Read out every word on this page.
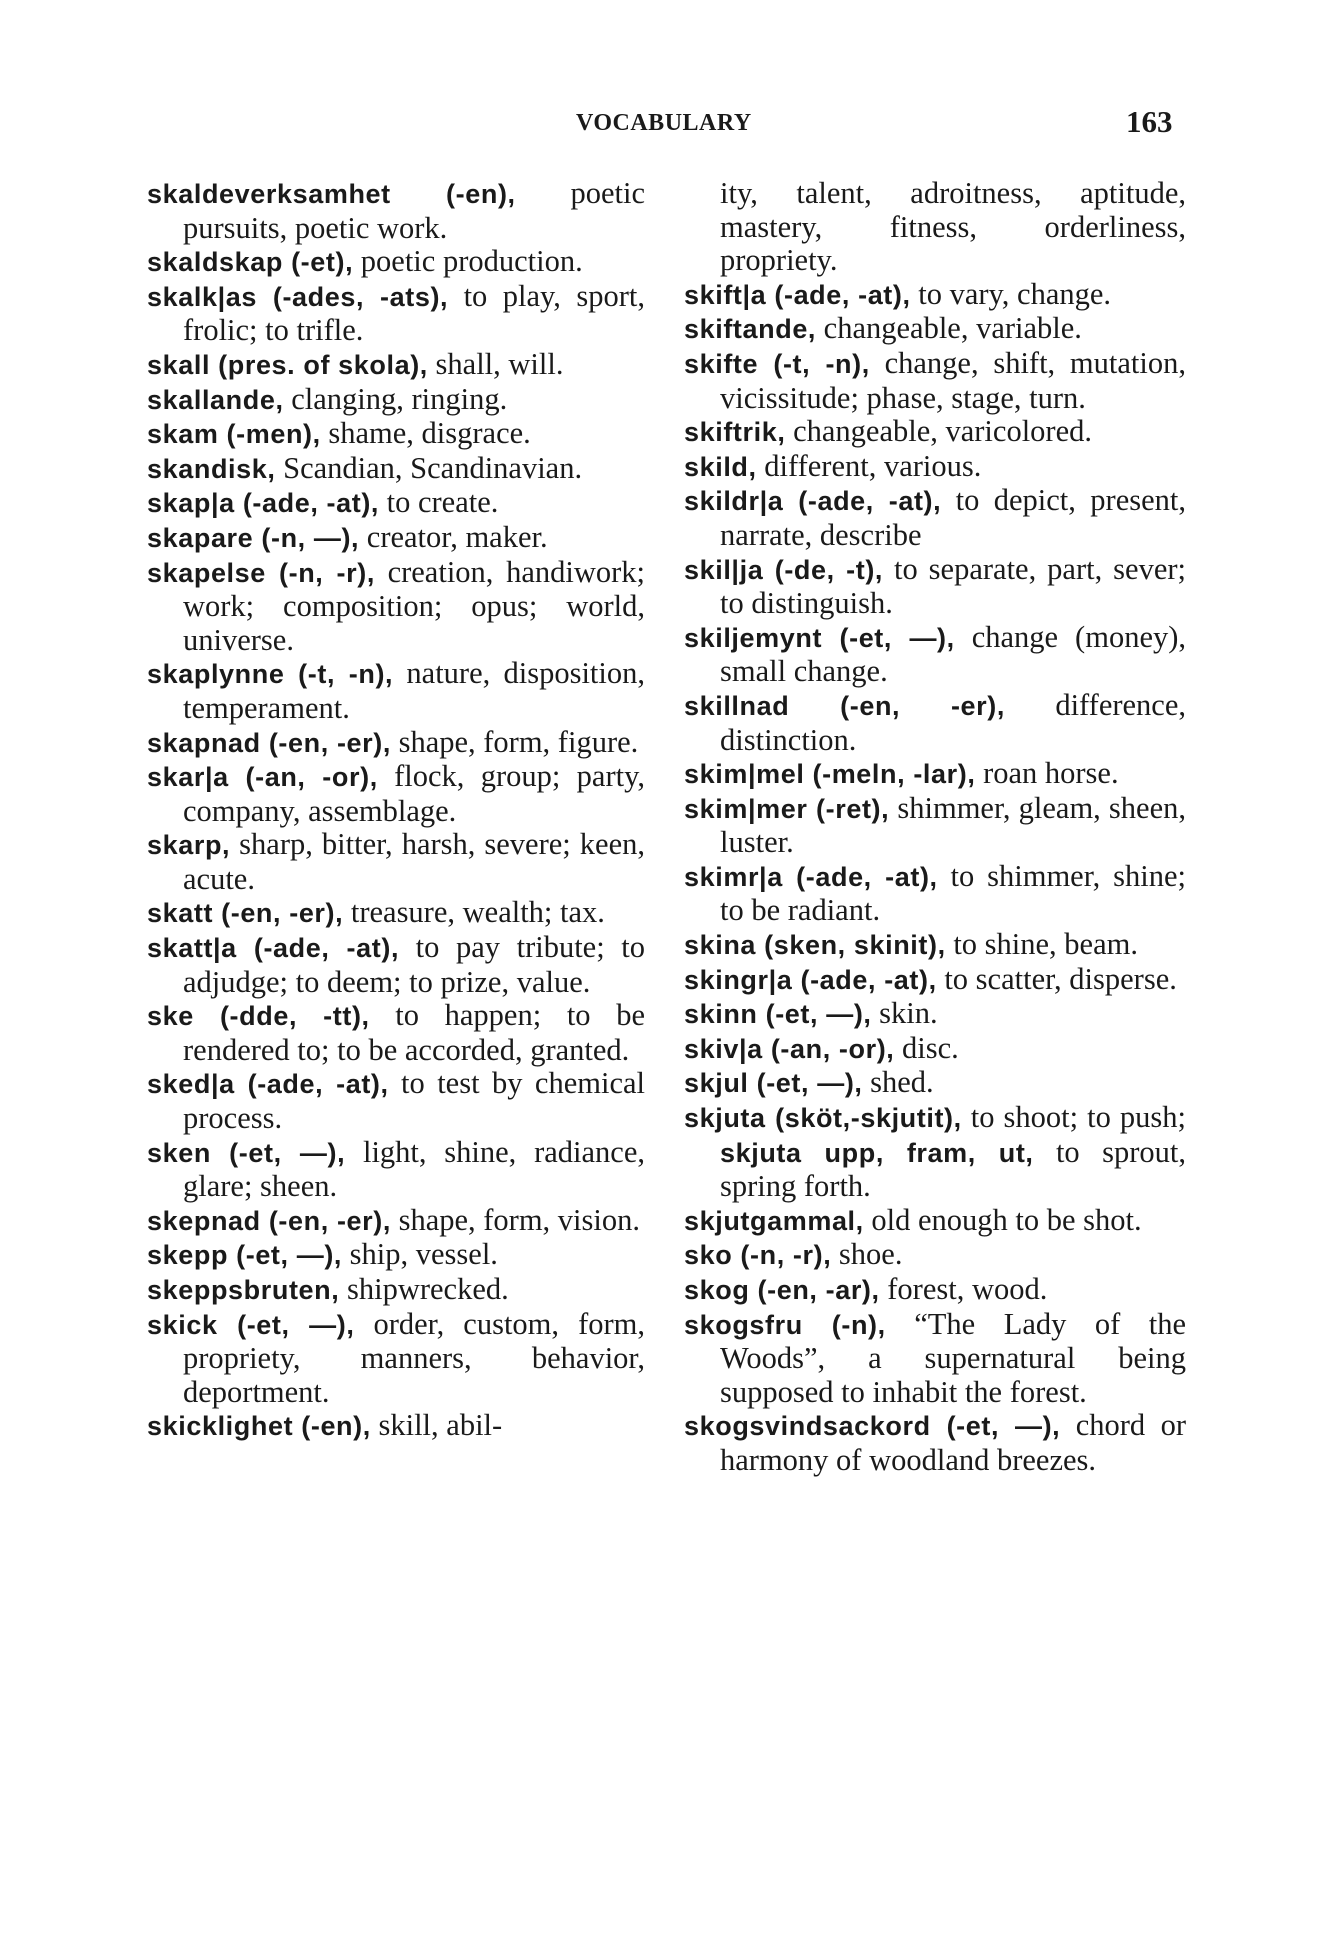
VOCABULARY	163

skaldeverksamhet (-en), poetic pursuits, poetic work.

skaldskap (-et), poetic production.

skalk|as (-ades, -ats), to play, sport, frolic; to trifle.

skall (pres. of skola), shall, will.

skallande, clanging, ringing.

skam (-men), shame, disgrace.

skandisk, Scandian, Scandinavian.

skap|a (-ade, -at), to create.

skapare (-n, —), creator, maker.

skapelse (-n, -r), creation, handiwork; work; composition; opus; world, universe.

skaplynne (-t, -n), nature, disposition, temperament.

skapnad (-en, -er), shape, form, figure.

skar|a (-an, -or), flock, group; party, company, assemblage.

skarp, sharp, bitter, harsh, severe; keen, acute.

skatt (-en, -er), treasure, wealth; tax.

skatt|a (-ade, -at), to pay tribute; to adjudge; to deem; to prize, value.

ske (-dde, -tt), to happen; to be rendered to; to be accorded, granted.

sked|a (-ade, -at), to test by chemical process.

sken (-et, —), light, shine, radiance, glare; sheen.

skepnad (-en, -er), shape, form, vision.

skepp (-et, —), ship, vessel.

skeppsbruten, shipwrecked.

skick (-et, —), order, custom, form, propriety, manners, behavior, deportment.

skicklighet (-en), skill, abil-

ity, talent, adroitness, aptitude, mastery, fitness, orderliness, propriety.

skift|a (-ade, -at), to vary, change.

skiftande, changeable, variable.

skifte (-t, -n), change, shift, mutation, vicissitude; phase, stage, turn.

skiftrik, changeable, varicolored.

skild, different, various.

skildr|a (-ade, -at), to depict, present, narrate, describe

skil|ja (-de, -t), to separate, part, sever; to distinguish.

skiljemynt (-et, —), change (money), small change.

skillnad (-en, -er), difference, distinction.

skim|mel (-meln, -lar), roan horse.

skim|mer (-ret), shimmer, gleam, sheen, luster.

skimr|a (-ade, -at), to shimmer, shine; to be radiant.

skina (sken, skinit), to shine, beam.

skingr|a (-ade, -at), to scatter, disperse.

skinn (-et, —), skin.

skiv|a (-an, -or), disc.

skjul (-et, —), shed.

skjuta (sköt,-skjutit), to shoot; to push; skjuta upp, fram, ut, to sprout, spring forth.

skjutgammal, old enough to be shot.

sko (-n, -r), shoe.

skog (-en, -ar), forest, wood.

skogsfru (-n), “The Lady of the Woods”, a supernatural being supposed to inhabit the forest.

skogsvindsackord (-et, —), chord or harmony of woodland breezes.
